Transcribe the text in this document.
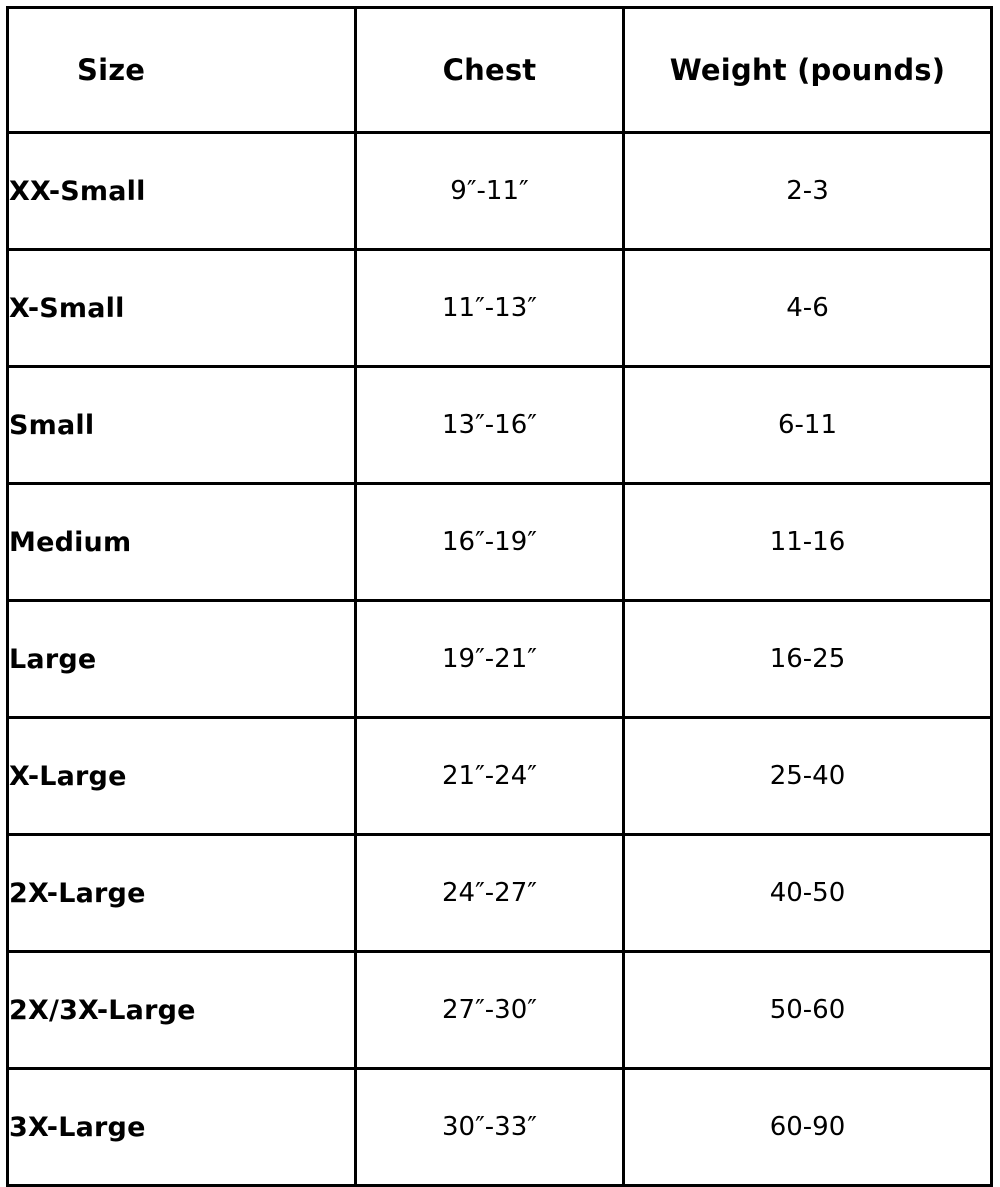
Size	Chest	Weight (pounds)
XX-Small	9″-11″	2-3
X-Small	11″-13″	4-6
Small	13″-16″	6-11
Medium	16″-19″	11-16
Large	19″-21″	16-25
X-Large	21″-24″	25-40
2X-Large	24″-27″	40-50
2X/3X-Large	27″-30″	50-60
3X-Large	30″-33″	60-90
